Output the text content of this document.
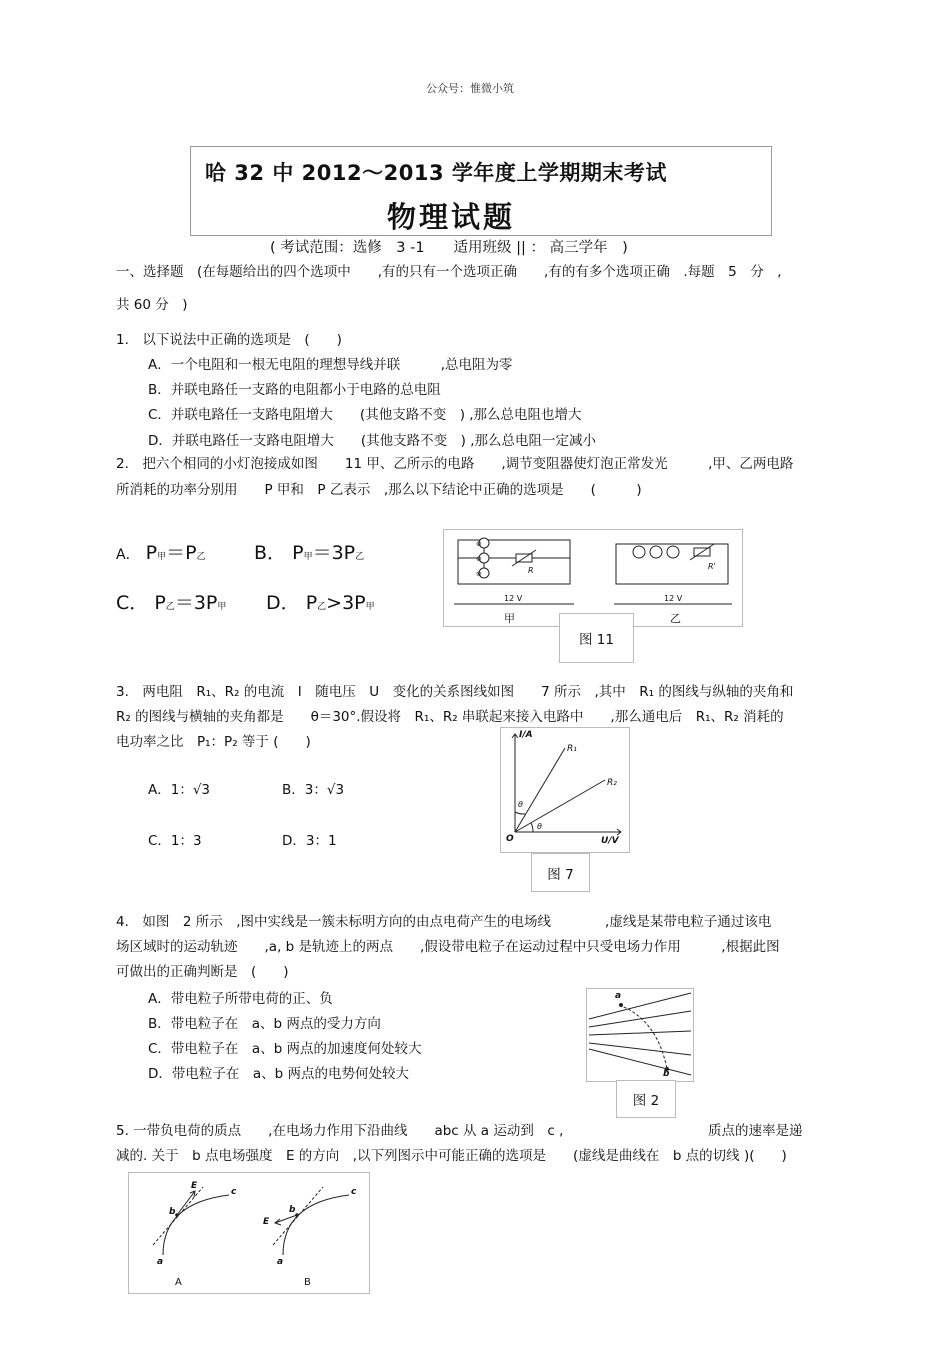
公众号：惟微小筑
哈 32 中 2012～2013 学年度上学期期末考试
物理试题
( 考试范围：选修　3 -1　　适用班级 || ： 高三学年　)
一、选择题　(在每题给出的四个选项中　　,有的只有一个选项正确　　,有的有多个选项正确　.每题　5　分　,
共 60 分　)
1.　以下说法中正确的选项是　(　　)
A．一个电阻和一根无电阻的理想导线并联　　　,总电阻为零
B．并联电路任一支路的电阻都小于电路的总电阻
C．并联电路任一支路电阻增大　　(其他支路不变　) ,那么总电阻也增大
D．并联电路任一支路电阻增大　　(其他支路不变　) ,那么总电阻一定减小
2.　把六个相同的小灯泡接成如图　　11 甲、乙所示的电路　　,调节变阻器使灯泡正常发光　　　,甲、乙两电路
所消耗的功率分别用　　P 甲和　P 乙表示　,那么以下结论中正确的选项是　　(　　　)
A． P甲＝P乙	B． P甲＝3P乙
C． P乙＝3P甲 D． P乙>3P甲
⊗
⊗
⊗	R	R'
12 V	12 V
甲	乙
图 11
3.　两电阻　R₁、R₂ 的电流　I　随电压　U　变化的关系图线如图　　7 所示　,其中　R₁ 的图线与纵轴的夹角和
R₂ 的图线与横轴的夹角都是　　θ＝30°.假设将　R₁、R₂ 串联起来接入电路中　　,那么通电后　R₁、R₂ 消耗的
电功率之比　P₁：P₂ 等于 (　　)
A．1：√3	B．3：√3
C．1：3	D．3：1
I/A
U/V
O
R₁
R₂
θ
θ
图 7
4.　如图　2 所示　,图中实线是一簇未标明方向的由点电荷产生的电场线　　　　,虚线是某带电粒子通过该电
场区域时的运动轨迹　　,a, b 是轨迹上的两点　　,假设带电粒子在运动过程中只受电场力作用　　　,根据此图
可做出的正确判断是　(　　)
A．带电粒子所带电荷的正、负
B．带电粒子在　a、b 两点的受力方向
C．带电粒子在　a、b 两点的加速度何处较大
D．带电粒子在　a、b 两点的电势何处较大
a
b
图 2
5. 一带负电荷的质点　　,在电场力作用下沿曲线　　abc 从 a 运动到　c ,	质点的速率是递
减的. 关于　b 点电场强度　E 的方向　,以下列图示中可能正确的选项是　　(虚线是曲线在　b 点的切线 )(　　)
E
b
c
a
A
E
b
c
a
B
